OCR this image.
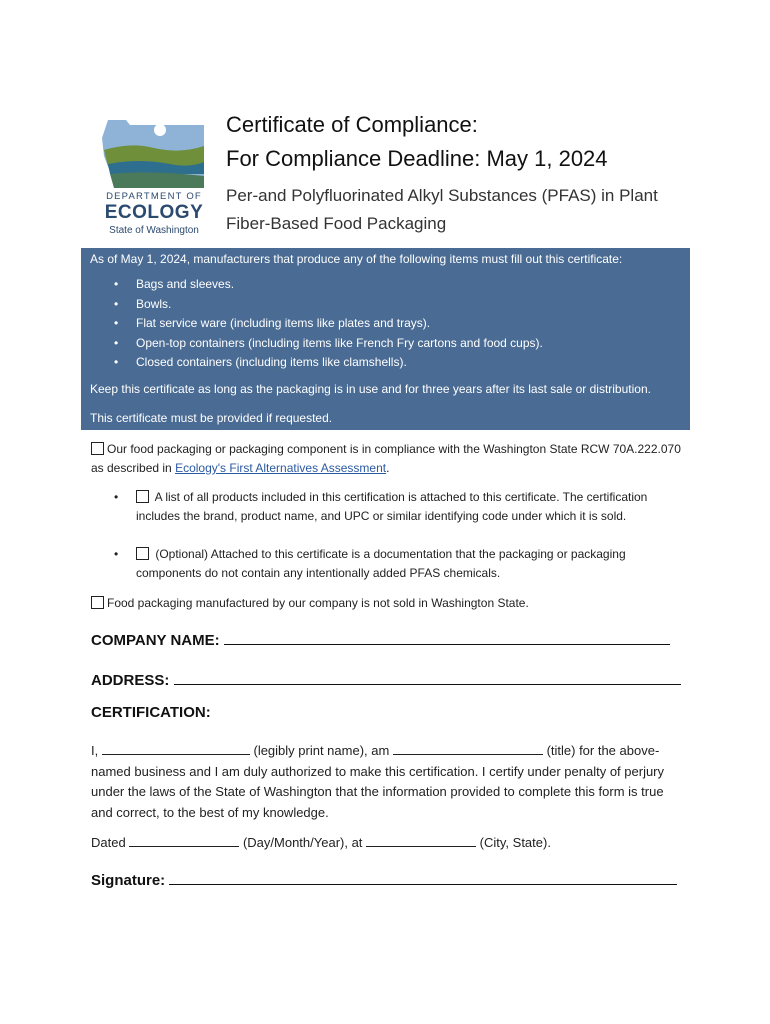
DEPARTMENT OF
ECOLOGY
State of Washington
Certificate of Compliance:
For Compliance Deadline: May 1, 2024
Per-and Polyfluorinated Alkyl Substances (PFAS) in Plant Fiber-Based Food Packaging
As of May 1, 2024, manufacturers that produce any of the following items must fill out this certificate:
• Bags and sleeves.
• Bowls.
• Flat service ware (including items like plates and trays).
• Open-top containers (including items like French Fry cartons and food cups).
• Closed containers (including items like clamshells).
Keep this certificate as long as the packaging is in use and for three years after its last sale or distribution.
This certificate must be provided if requested.
Our food packaging or packaging component is in compliance with the Washington State RCW 70A.222.070 as described in Ecology's First Alternatives Assessment.
•	A list of all products included in this certification is attached to this certificate. The certification includes the brand, product name, and UPC or similar identifying code under which it is sold.
•	(Optional) Attached to this certificate is a documentation that the packaging or packaging components do not contain any intentionally added PFAS chemicals.
Food packaging manufactured by our company is not sold in Washington State.
COMPANY NAME:
ADDRESS:
CERTIFICATION:
I,	(legibly print name), am	(title) for the above-named business and I am duly authorized to make this certification. I certify under penalty of perjury under the laws of the State of Washington that the information provided to complete this form is true and correct, to the best of my knowledge.
Dated	(Day/Month/Year), at	(City, State).
Signature:
